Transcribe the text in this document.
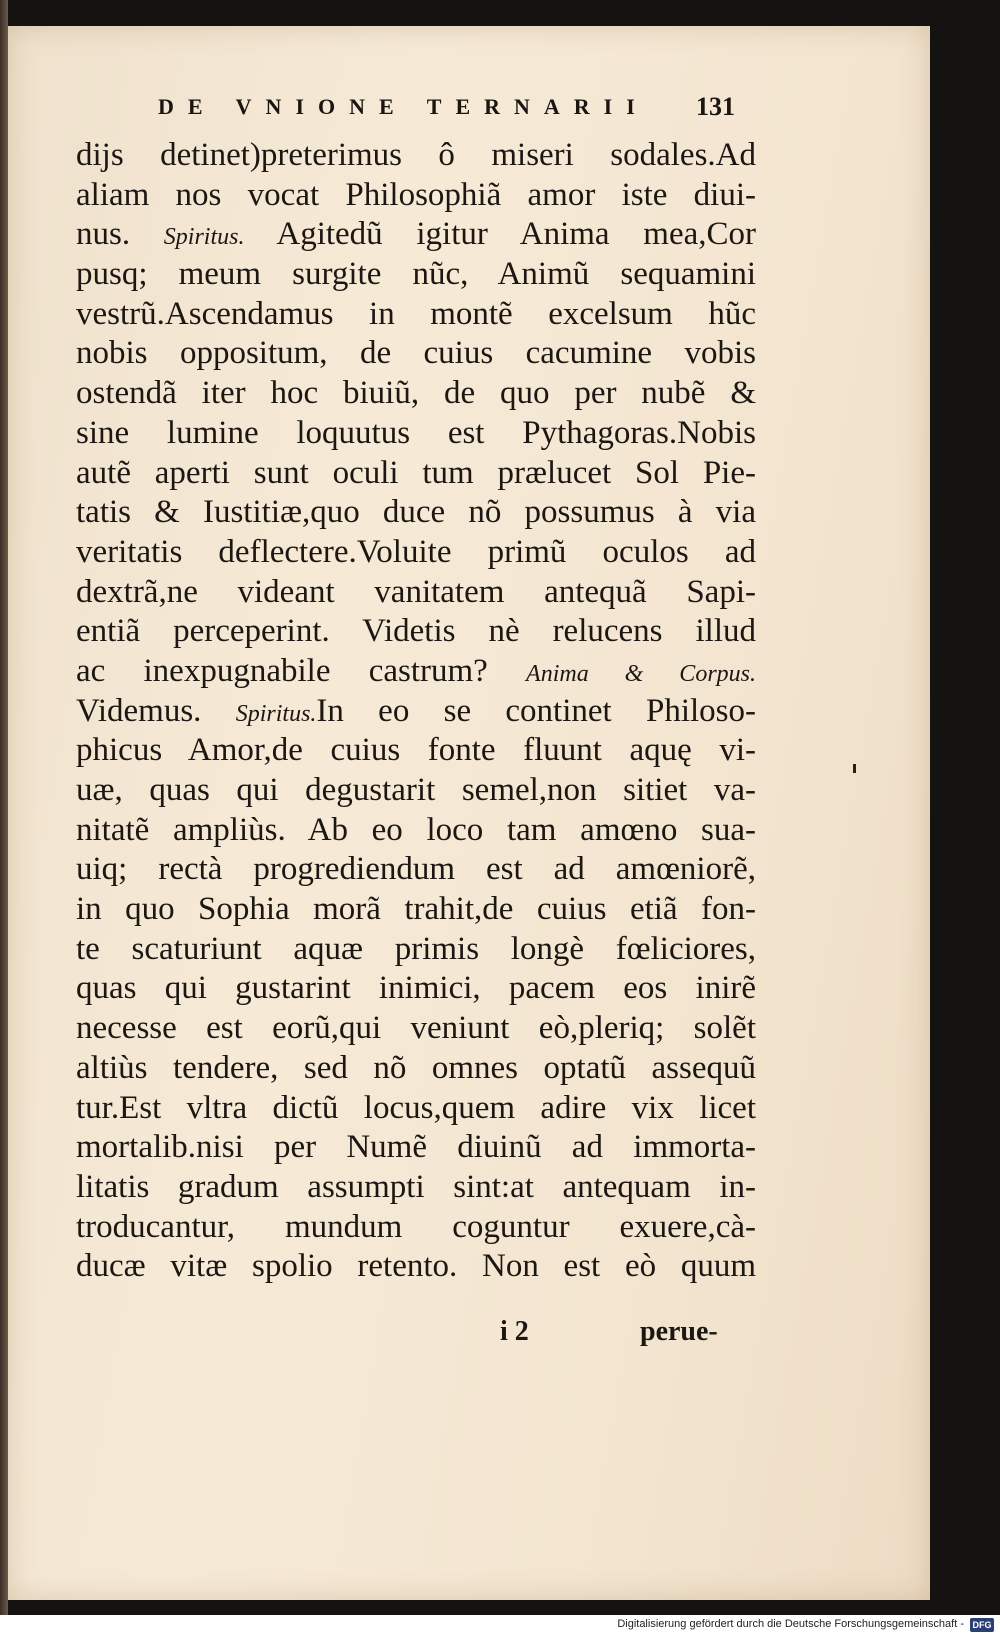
DE VNIONE TERNARII 131
dijs detinet)preterimus ô miseri sodales.Ad
aliam nos vocat Philosophiã amor iste diui-
nus. Spiritus. Agitedũ igitur Anima mea,Cor
pusq; meum surgite nũc, Animũ sequamini
vestrũ.Ascendamus in montẽ excelsum hũc
nobis oppositum, de cuius cacumine vobis
ostendã iter hoc biuiũ, de quo per nubẽ &
sine lumine loquutus est Pythagoras.Nobis
autẽ aperti sunt oculi tum prælucet Sol Pie-
tatis & Iustitiæ,quo duce nõ possumus à via
veritatis deflectere.Voluite primũ oculos ad
dextrã,ne videant vanitatem antequã Sapi-
entiã perceperint. Videtis nè relucens illud
ac inexpugnabile castrum? Anima & Corpus.
Videmus. Spiritus.In eo se continet Philoso-
phicus Amor,de cuius fonte fluunt aquę vi-
uæ, quas qui degustarit semel,non sitiet va-
nitatẽ ampliùs. Ab eo loco tam amœno sua-
uiq; rectà progrediendum est ad amœniorẽ,
in quo Sophia morã trahit,de cuius etiã fon-
te scaturiunt aquæ primis longè fœliciores,
quas qui gustarint inimici, pacem eos inirẽ
necesse est eorũ,qui veniunt eò,pleriq; solẽt
altiùs tendere, sed nõ omnes optatũ assequũ
tur.Est vltra dictũ locus,quem adire vix licet
mortalib.nisi per Numẽ diuinũ ad immorta-
litatis gradum assumpti sint:at antequam in-
troducantur, mundum coguntur exuere,cà-
ducæ vitæ spolio retento. Non est eò quum
i 2	perue-
Digitalisierung gefördert durch die Deutsche Forschungsgemeinschaft - DFG
